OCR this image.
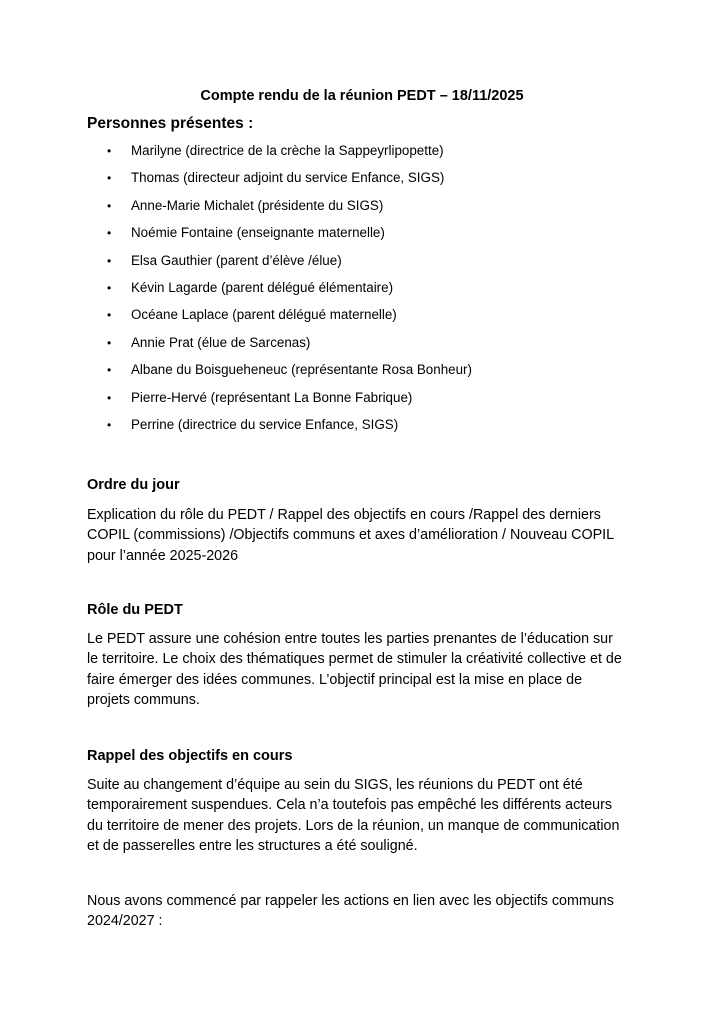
Compte rendu de la réunion PEDT – 18/11/2025
Personnes présentes :
• Marilyne (directrice de la crèche la Sappeyrlipopette)
• Thomas (directeur adjoint du service Enfance, SIGS)
• Anne-Marie Michalet (présidente du SIGS)
• Noémie Fontaine (enseignante maternelle)
• Elsa Gauthier (parent d’élève /élue)
• Kévin Lagarde (parent délégué élémentaire)
• Océane Laplace (parent délégué maternelle)
• Annie Prat (élue de Sarcenas)
• Albane du Boisgueheneuc (représentante Rosa Bonheur)
• Pierre-Hervé (représentant La Bonne Fabrique)
• Perrine (directrice du service Enfance, SIGS)
Ordre du jour
Explication du rôle du PEDT / Rappel des objectifs en cours /Rappel des derniers
COPIL (commissions) /Objectifs communs et axes d’amélioration / Nouveau COPIL
pour l’année 2025-2026
Rôle du PEDT
Le PEDT assure une cohésion entre toutes les parties prenantes de l’éducation sur
le territoire. Le choix des thématiques permet de stimuler la créativité collective et de
faire émerger des idées communes. L’objectif principal est la mise en place de
projets communs.
Rappel des objectifs en cours
Suite au changement d’équipe au sein du SIGS, les réunions du PEDT ont été
temporairement suspendues. Cela n’a toutefois pas empêché les différents acteurs
du territoire de mener des projets. Lors de la réunion, un manque de communication
et de passerelles entre les structures a été souligné.
Nous avons commencé par rappeler les actions en lien avec les objectifs communs
2024/2027 :
